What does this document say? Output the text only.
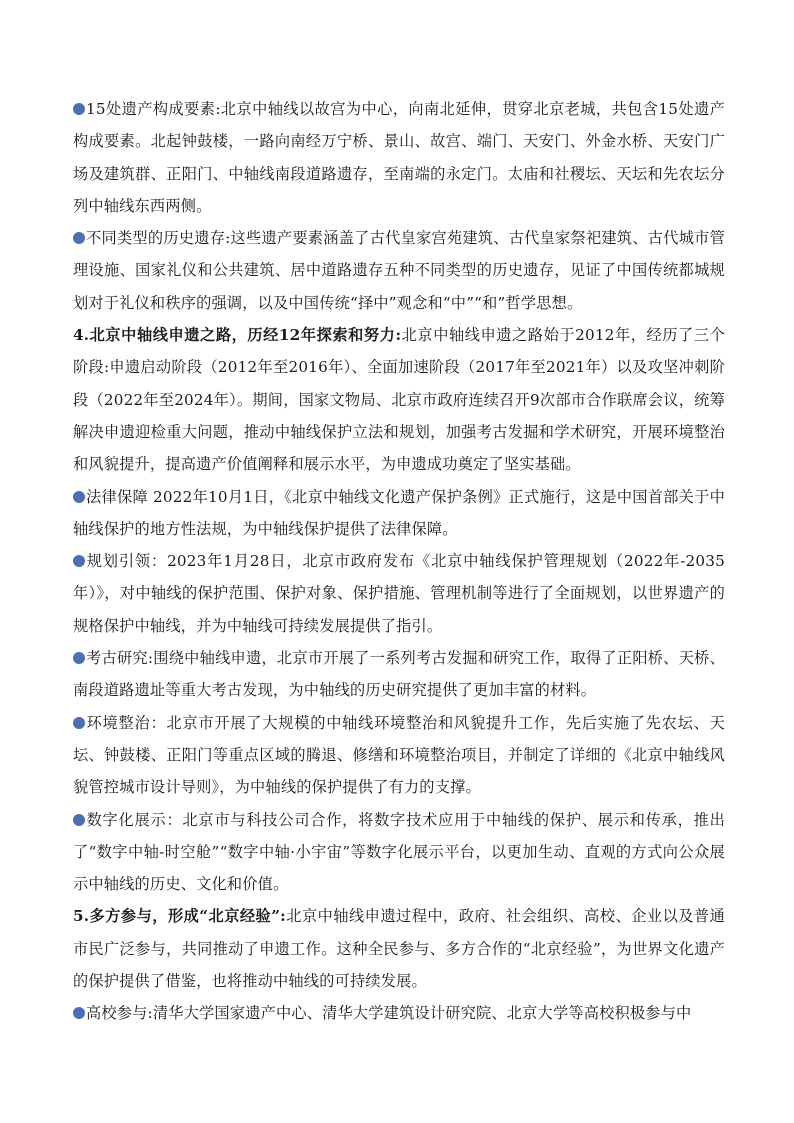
15处遗产构成要素:北京中轴线以故宫为中心，向南北延伸，贯穿北京老城，共包含15处遗产构成要素。北起钟鼓楼，一路向南经万宁桥、景山、故宫、端门、天安门、外金水桥、天安门广场及建筑群、正阳门、中轴线南段道路遗存，至南端的永定门。太庙和社稷坛、天坛和先农坛分列中轴线东西两侧。

不同类型的历史遗存:这些遗产要素涵盖了古代皇家宫苑建筑、古代皇家祭祀建筑、古代城市管理设施、国家礼仪和公共建筑、居中道路遗存五种不同类型的历史遗存，见证了中国传统都城规划对于礼仪和秩序的强调，以及中国传统“择中”观念和“中”“和”哲学思想。

4.北京中轴线申遗之路，历经12年探索和努力:北京中轴线申遗之路始于2012年，经历了三个阶段:申遗启动阶段（2012年至2016年）、全面加速阶段（2017年至2021年）以及攻坚冲刺阶段（2022年至2024年）。期间，国家文物局、北京市政府连续召开9次部市合作联席会议，统筹解决申遗迎检重大问题，推动中轴线保护立法和规划，加强考古发掘和学术研究，开展环境整治和风貌提升，提高遗产价值阐释和展示水平，为申遗成功奠定了坚实基础。

法律保障 2022年10月1日，《北京中轴线文化遗产保护条例》正式施行，这是中国首部关于中轴线保护的地方性法规，为中轴线保护提供了法律保障。

规划引领：2023年1月28日，北京市政府发布《北京中轴线保护管理规划（2022年-2035年）》，对中轴线的保护范围、保护对象、保护措施、管理机制等进行了全面规划，以世界遗产的规格保护中轴线，并为中轴线可持续发展提供了指引。

考古研究:围绕中轴线申遗，北京市开展了一系列考古发掘和研究工作，取得了正阳桥、天桥、南段道路遗址等重大考古发现，为中轴线的历史研究提供了更加丰富的材料。

环境整治：北京市开展了大规模的中轴线环境整治和风貌提升工作，先后实施了先农坛、天坛、钟鼓楼、正阳门等重点区域的腾退、修缮和环境整治项目，并制定了详细的《北京中轴线风貌管控城市设计导则》，为中轴线的保护提供了有力的支撑。

数字化展示：北京市与科技公司合作，将数字技术应用于中轴线的保护、展示和传承，推出了“数字中轴-时空舱”“数字中轴·小宇宙”等数字化展示平台，以更加生动、直观的方式向公众展示中轴线的历史、文化和价值。

5.多方参与，形成“北京经验”:北京中轴线申遗过程中，政府、社会组织、高校、企业以及普通市民广泛参与，共同推动了申遗工作。这种全民参与、多方合作的“北京经验”，为世界文化遗产的保护提供了借鉴，也将推动中轴线的可持续发展。

高校参与:清华大学国家遗产中心、清华大学建筑设计研究院、北京大学等高校积极参与中
